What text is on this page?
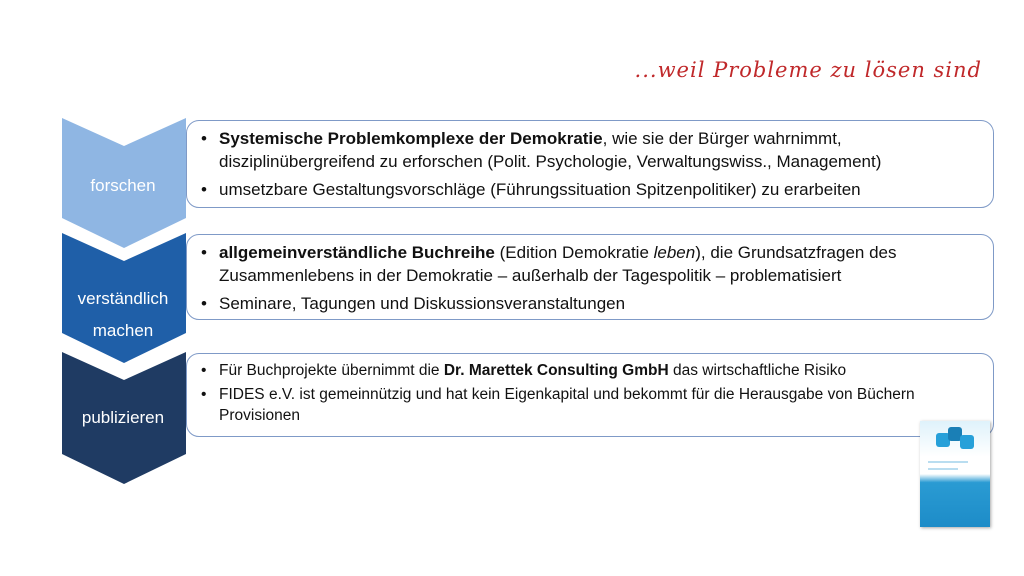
...weil Probleme zu lösen sind
forschen
• Systemische Problemkomplexe der Demokratie, wie sie der Bürger wahrnimmt, disziplinübergreifend zu erforschen (Polit. Psychologie, Verwaltungswiss., Management)
• umsetzbare Gestaltungsvorschläge (Führungssituation Spitzenpolitiker) zu erarbeiten
verständlich
machen
• allgemeinverständliche Buchreihe (Edition Demokratie leben), die Grundsatzfragen des Zusammenlebens in der Demokratie – außerhalb der Tagespolitik – problematisiert
• Seminare, Tagungen und Diskussionsveranstaltungen
publizieren
• Für Buchprojekte übernimmt die Dr. Marettek Consulting GmbH das wirtschaftliche Risiko
• FIDES e.V. ist gemeinnützig und hat kein Eigenkapital und bekommt für die Herausgabe von Büchern Provisionen
